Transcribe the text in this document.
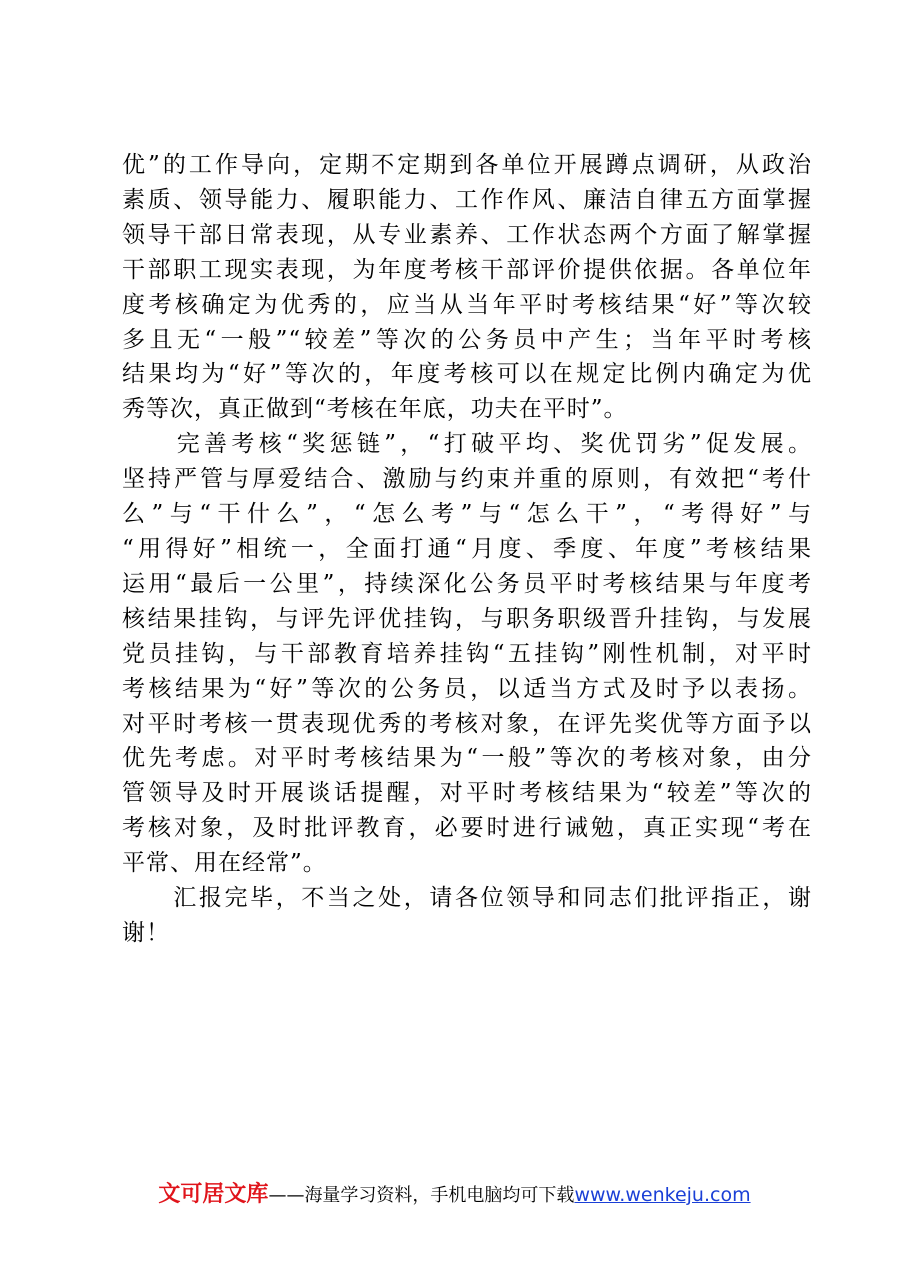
优”的工作导向，定期不定期到各单位开展蹲点调研，从政治
素质、领导能力、履职能力、工作作风、廉洁自律五方面掌握
领导干部日常表现，从专业素养、工作状态两个方面了解掌握
干部职工现实表现，为年度考核干部评价提供依据。各单位年
度考核确定为优秀的，应当从当年平时考核结果“好”等次较
多且无“一般”“较差”等次的公务员中产生；当年平时考核
结果均为“好”等次的，年度考核可以在规定比例内确定为优
秀等次，真正做到“考核在年底，功夫在平时”。
　　完善考核“奖惩链”，“打破平均、奖优罚劣”促发展。
坚持严管与厚爱结合、激励与约束并重的原则，有效把“考什
么”与“干什么”，“怎么考”与“怎么干”，“考得好”与
“用得好”相统一，全面打通“月度、季度、年度”考核结果
运用“最后一公里”，持续深化公务员平时考核结果与年度考
核结果挂钩，与评先评优挂钩，与职务职级晋升挂钩，与发展
党员挂钩，与干部教育培养挂钩“五挂钩”刚性机制，对平时
考核结果为“好”等次的公务员，以适当方式及时予以表扬。
对平时考核一贯表现优秀的考核对象，在评先奖优等方面予以
优先考虑。对平时考核结果为“一般”等次的考核对象，由分
管领导及时开展谈话提醒，对平时考核结果为“较差”等次的
考核对象，及时批评教育，必要时进行诫勉，真正实现“考在
平常、用在经常”。
　　汇报完毕，不当之处，请各位领导和同志们批评指正，谢
谢！
文可居文库——海量学习资料，手机电脑均可下载www.wenkeju.com
